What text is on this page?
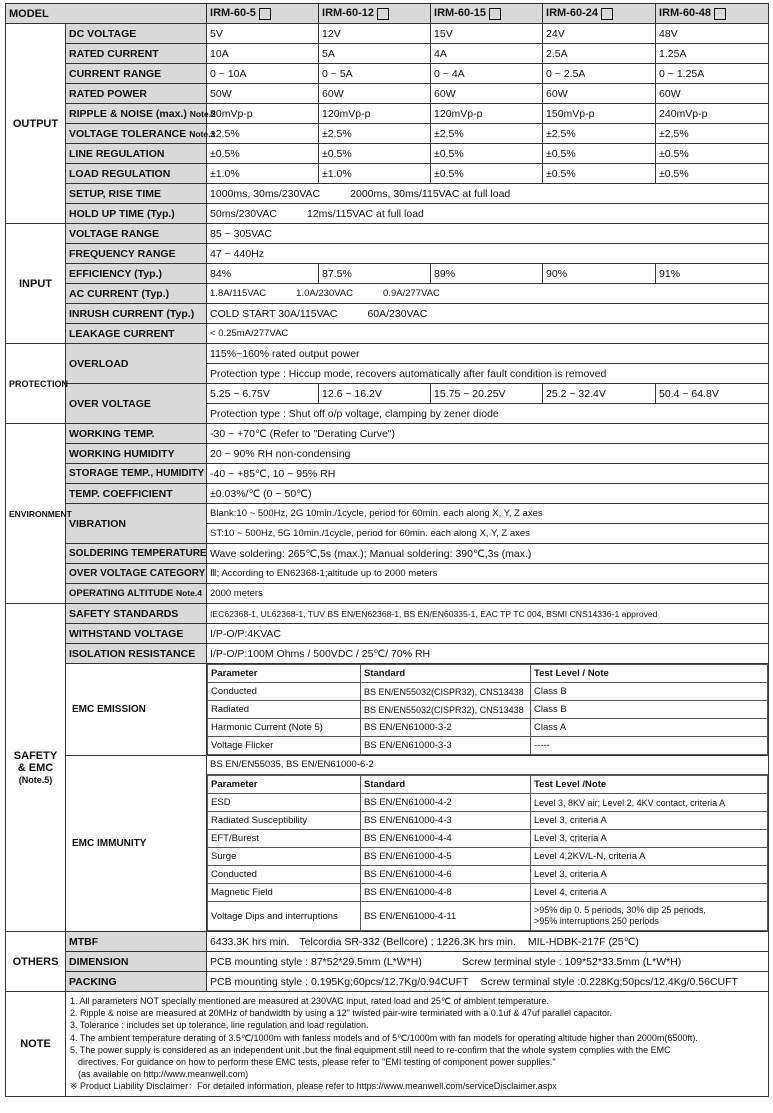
MODEL	IRM-60-5	IRM-60-12	IRM-60-15	IRM-60-24	IRM-60-48
OUTPUT	DC VOLTAGE	5V	12V	15V	24V	48V
RATED CURRENT	10A	5A	4A	2.5A	1.25A
CURRENT RANGE	0 ~ 10A	0 ~ 5A	0 ~ 4A	0 ~ 2.5A	0 ~ 1.25A
RATED POWER	50W	60W	60W	60W	60W
RIPPLE & NOISE (max.) Note.2	80mVp-p	120mVp-p	120mVp-p	150mVp-p	240mVp-p
VOLTAGE TOLERANCE Note.3	±2.5%	±2.5%	±2.5%	±2.5%	±2.5%
LINE REGULATION	±0.5%	±0.5%	±0.5%	±0.5%	±0.5%
LOAD REGULATION	±1.0%	±1.0%	±0.5%	±0.5%	±0.5%
SETUP, RISE TIME	1000ms, 30ms/230VAC	2000ms, 30ms/115VAC at full load
HOLD UP TIME (Typ.)	50ms/230VAC	12ms/115VAC at full load
INPUT	VOLTAGE RANGE	85 ~ 305VAC
FREQUENCY RANGE	47 ~ 440Hz
EFFICIENCY (Typ.)	84%	87.5%	89%	90%	91%
AC CURRENT (Typ.)	1.8A/115VAC	1.0A/230VAC	0.9A/277VAC
INRUSH CURRENT (Typ.)	COLD START 30A/115VAC	60A/230VAC
LEAKAGE CURRENT	< 0.25mA/277VAC
PROTECTION	OVERLOAD	115%~160% rated output power
Protection type : Hiccup mode, recovers automatically after fault condition is removed
OVER VOLTAGE	5.25 ~ 6.75V	12.6 ~ 16.2V	15.75 ~ 20.25V	25.2 ~ 32.4V	50.4 ~ 64.8V
Protection type : Shut off o/p voltage, clamping by zener diode
ENVIRONMENT	WORKING TEMP.	-30 ~ +70℃ (Refer to "Derating Curve")
WORKING HUMIDITY	20 ~ 90% RH non-condensing
STORAGE TEMP., HUMIDITY	-40 ~ +85℃, 10 ~ 95% RH
TEMP. COEFFICIENT	±0.03%/℃ (0 ~ 50℃)
VIBRATION	Blank:10 ~ 500Hz, 2G 10min./1cycle, period for 60min. each along X, Y, Z axes
ST:10 ~ 500Hz, 5G 10min./1cycle, period for 60min. each along X, Y, Z axes
SOLDERING TEMPERATURE	Wave soldering: 265℃,5s (max.); Manual soldering: 390℃,3s (max.)
OVER VOLTAGE CATEGORY	Ⅲ; According to EN62368-1;altitude up to 2000 meters
OPERATING ALTITUDE Note.4	2000 meters
SAFETY & EMC
(Note.5)	SAFETY STANDARDS	IEC62368-1, UL62368-1, TUV BS EN/EN62368-1, BS EN/EN60335-1, EAC TP TC 004, BSMI CNS14336-1 approved
WITHSTAND VOLTAGE	I/P-O/P:4KVAC
ISOLATION RESISTANCE	I/P-O/P:100M Ohms / 500VDC / 25℃/ 70% RH
EMC EMISSION	
Parameter	Standard	Test Level / Note
Conducted	BS EN/EN55032(CISPR32), CNS13438	Class B
Radiated	BS EN/EN55032(CISPR32), CNS13438	Class B
Harmonic Current (Note 5)	BS EN/EN61000-3-2	Class A
Voltage Flicker	BS EN/EN61000-3-3	-----

EMC IMMUNITY	
BS EN/EN55035, BS EN/EN61000-6-2
Parameter	Standard	Test Level /Note
ESD	BS EN/EN61000-4-2	Level 3, 8KV air; Level 2, 4KV contact, criteria A
Radiated Susceptibility	BS EN/EN61000-4-3	Level 3, criteria A
EFT/Burest	BS EN/EN61000-4-4	Level 3, criteria A
Surge	BS EN/EN61000-4-5	Level 4,2KV/L-N, criteria A
Conducted	BS EN/EN61000-4-6	Level 3, criteria A
Magnetic Field	BS EN/EN61000-4-8	Level 4, criteria A
Voltage Dips and interruptions	BS EN/EN61000-4-11	>95% dip 0. 5 periods, 30% dip 25 periods,
>95% interruptions 250 periods

OTHERS	MTBF	6433.3K hrs min. Telcordia SR-332 (Bellcore) ; 1226.3K hrs min. MIL-HDBK-217F (25℃)
DIMENSION	PCB mounting style : 87*52*29.5mm (L*W*H)	Screw terminal style : 109*52*33.5mm (L*W*H)
PACKING	PCB mounting style : 0.195Kg;60pcs/12.7Kg/0.94CUFT Screw terminal style :0.228Kg;50pcs/12.4Kg/0.56CUFT
NOTE	
1. All parameters NOT specially mentioned are measured at 230VAC input, rated load and 25℃ of ambient temperature.
2. Ripple & noise are measured at 20MHz of bandwidth by using a 12" twisted pair-wire terminated with a 0.1uf & 47uf parallel capacitor.
3. Tolerance : includes set up tolerance, line regulation and load regulation.
4. The ambient temperature derating of 3.5℃/1000m with fanless models and of 5℃/1000m with fan models for operating altitude higher than 2000m(6500ft).
5. The power supply is considered as an independent unit ,but the final equipment still need to re-confirm that the whole system complies with the EMC
directives. For guidance on how to perform these EMC tests, please refer to "EMI testing of component power supplies."
(as available on http://www.meanwell.com)
※ Product Liability Disclaimer：For detailed information, please refer to https://www.meanwell.com/serviceDisclaimer.aspx
